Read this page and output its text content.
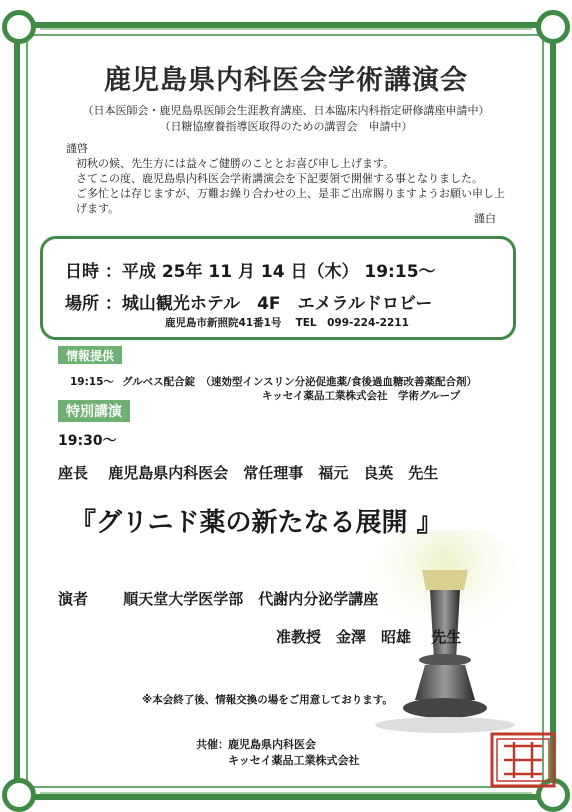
鹿児島県内科医会学術講演会
（日本医師会・鹿児島県医師会生涯教育講座、日本臨床内科指定研修講座申請中）
（日糖協療養指導医取得のための講習会　申請中）
謹啓
初秋の候、先生方には益々ご健勝のこととお喜び申し上げます。
さてこの度、鹿児島県内科医会学術講演会を下記要領で開催する事となりました。
ご多忙とは存じますが、万難お繰り合わせの上、是非ご出席賜りますようお願い申し上
げます。
謹白
日時 ：平成 25年 11 月 14 日（木） 19:15～
場所 ：城山観光ホテル　4F　エメラルドロビー
鹿児島市新照院41番1号　 TEL　099-224-2211
情報提供
19:15～ グルベス配合錠　（速効型インスリン分泌促進薬/食後過血糖改善薬配合剤）
キッセイ薬品工業株式会社　学術グループ
特別講演
19:30～
座長　 鹿児島県内科医会　常任理事　福元　良英　先生
『グリニド薬の新たなる展開 』
演者　　 順天堂大学医学部　代謝内分泌学講座
准教授　金澤　昭雄　 先生
※本会終了後、情報交換の場をご用意しております。
共催： 鹿児島県内科医会
キッセイ薬品工業株式会社
